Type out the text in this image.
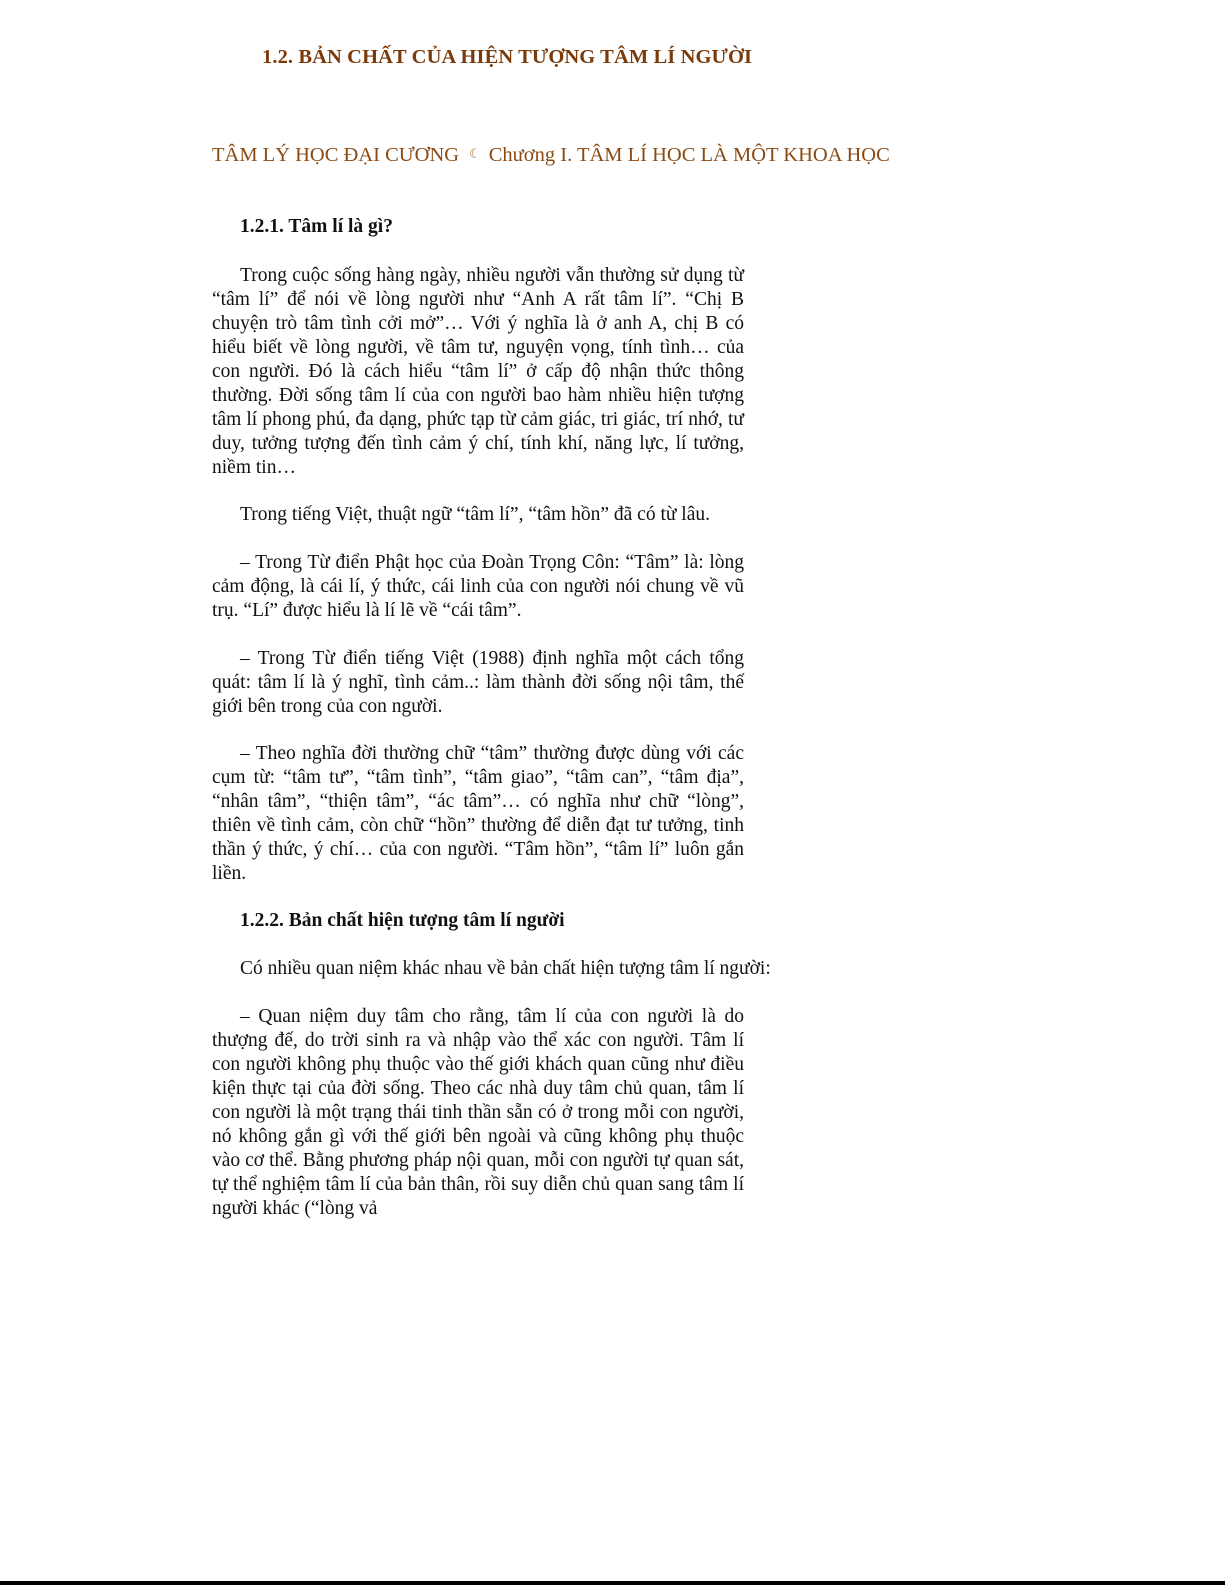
1.2. BẢN CHẤT CỦA HIỆN TƯỢNG TÂM LÍ NGƯỜI
TÂM LÝ HỌC ĐẠI CƯƠNG ☾ Chương I. TÂM LÍ HỌC LÀ MỘT KHOA HỌC
1.2.1. Tâm lí là gì?

Trong cuộc sống hàng ngày, nhiều người vẫn thường sử dụng từ “tâm lí” để nói về lòng người như “Anh A rất tâm lí”. “Chị B chuyện trò tâm tình cởi mở”… Với ý nghĩa là ở anh A, chị B có hiểu biết về lòng người, về tâm tư, nguyện vọng, tính tình… của con người. Đó là cách hiểu “tâm lí” ở cấp độ nhận thức thông thường. Đời sống tâm lí của con người bao hàm nhiều hiện tượng tâm lí phong phú, đa dạng, phức tạp từ cảm giác, tri giác, trí nhớ, tư duy, tưởng tượng đến tình cảm ý chí, tính khí, năng lực, lí tưởng, niềm tin…

Trong tiếng Việt, thuật ngữ “tâm lí”, “tâm hồn” đã có từ lâu.

– Trong Từ điển Phật học của Đoàn Trọng Côn: “Tâm” là: lòng cảm động, là cái lí, ý thức, cái linh của con người nói chung về vũ trụ. “Lí” được hiểu là lí lẽ về “cái tâm”.

– Trong Từ điển tiếng Việt (1988) định nghĩa một cách tổng quát: tâm lí là ý nghĩ, tình cảm..: làm thành đời sống nội tâm, thế giới bên trong của con người.

– Theo nghĩa đời thường chữ “tâm” thường được dùng với các cụm từ: “tâm tư”, “tâm tình”, “tâm giao”, “tâm can”, “tâm địa”, “nhân tâm”, “thiện tâm”, “ác tâm”… có nghĩa như chữ “lòng”, thiên về tình cảm, còn chữ “hồn” thường để diễn đạt tư tưởng, tinh thần ý thức, ý chí… của con người. “Tâm hồn”, “tâm lí” luôn gắn liền.

1.2.2. Bản chất hiện tượng tâm lí người

Có nhiều quan niệm khác nhau về bản chất hiện tượng tâm lí người:

– Quan niệm duy tâm cho rằng, tâm lí của con người là do thượng đế, do trời sinh ra và nhập vào thể xác con người. Tâm lí con người không phụ thuộc vào thế giới khách quan cũng như điều kiện thực tại của đời sống. Theo các nhà duy tâm chủ quan, tâm lí con người là một trạng thái tinh thần sẵn có ở trong mỗi con người, nó không gắn gì với thế giới bên ngoài và cũng không phụ thuộc vào cơ thể. Bằng phương pháp nội quan, mỗi con người tự quan sát, tự thể nghiệm tâm lí của bản thân, rồi suy diễn chủ quan sang tâm lí người khác (“lòng vả
